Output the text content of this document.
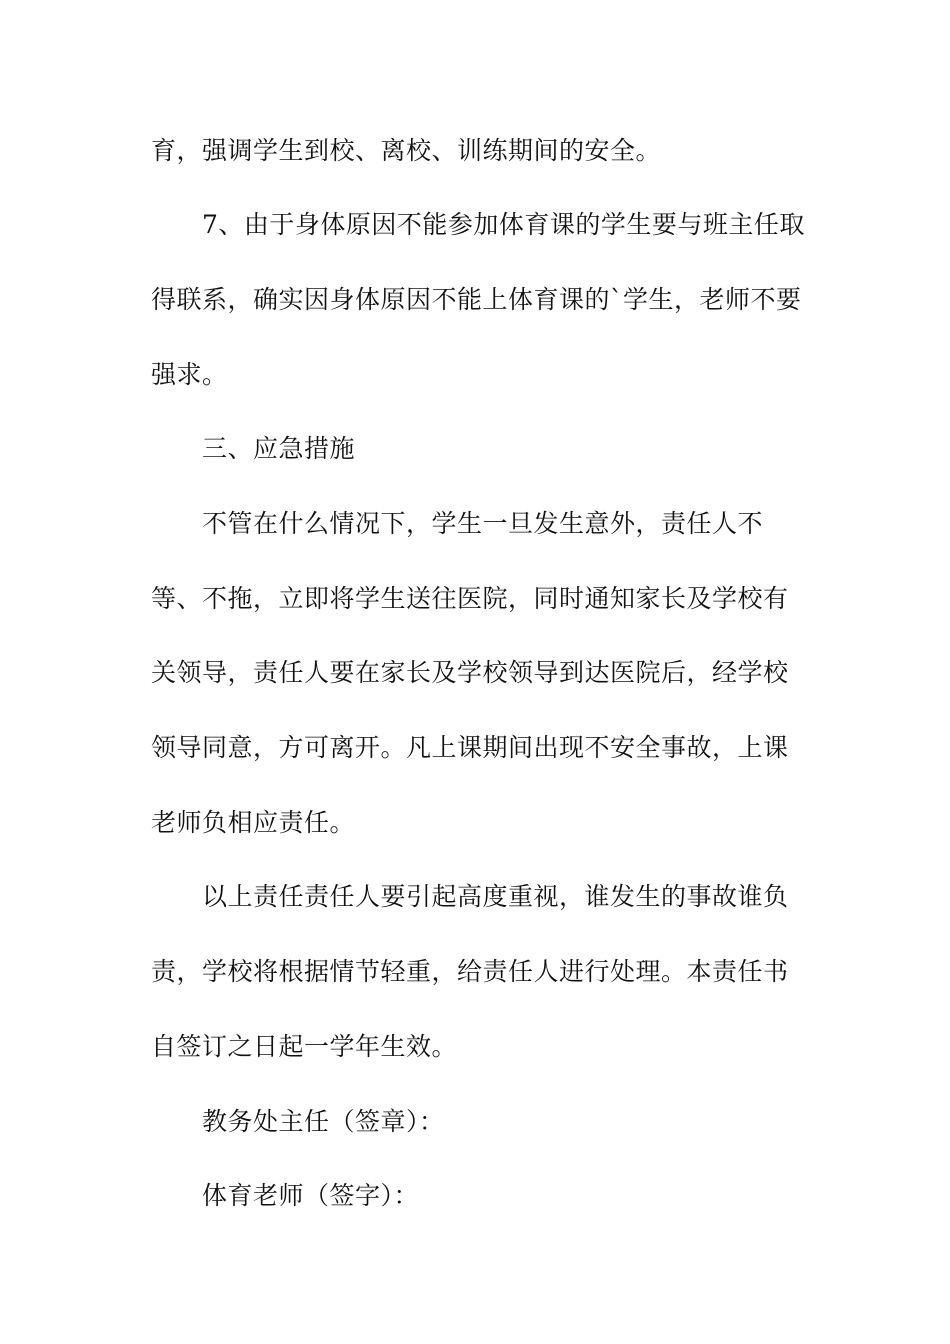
育，强调学生到校、离校、训练期间的安全。
7、由于身体原因不能参加体育课的学生要与班主任取
得联系，确实因身体原因不能上体育课的`学生，老师不要
强求。
三、应急措施
不管在什么情况下，学生一旦发生意外，责任人不
等、不拖，立即将学生送往医院，同时通知家长及学校有
关领导，责任人要在家长及学校领导到达医院后，经学校
领导同意，方可离开。凡上课期间出现不安全事故，上课
老师负相应责任。
以上责任责任人要引起高度重视，谁发生的事故谁负
责，学校将根据情节轻重，给责任人进行处理。本责任书
自签订之日起一学年生效。
教务处主任（签章）：
体育老师（签字）：
